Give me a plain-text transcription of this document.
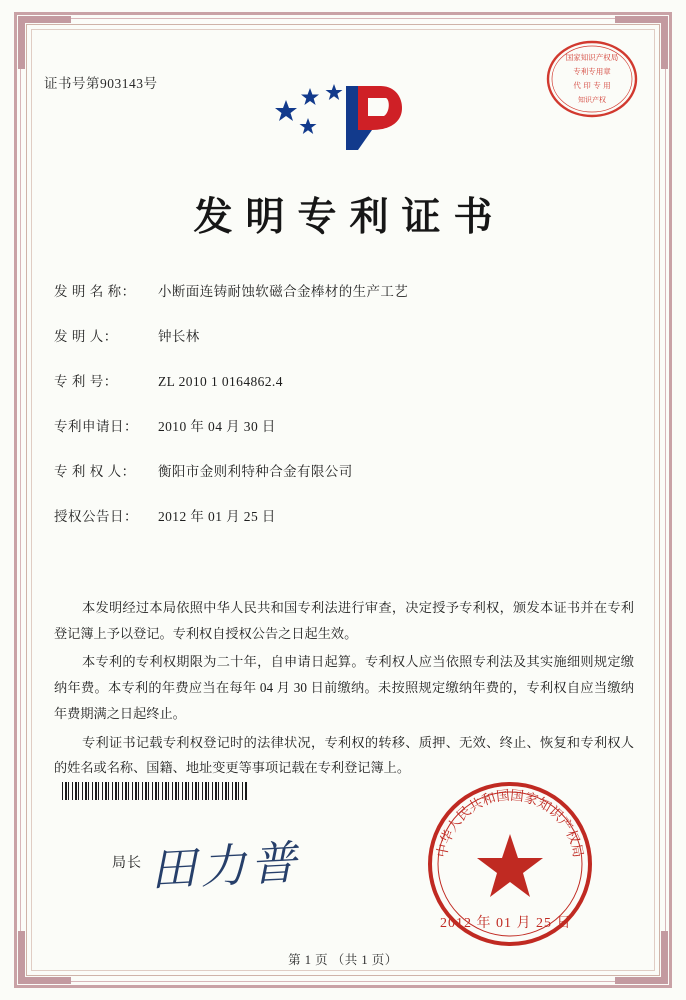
证书号第903143号
国家知识产权局
专利专用章
代 印 专 用
知识产权
发明专利证书
发 明 名 称：	小断面连铸耐蚀软磁合金棒材的生产工艺
发 明 人：	钟长林
专 利 号：	ZL 2010 1 0164862.4
专利申请日：	2010 年 04 月 30 日
专 利 权 人：	衡阳市金则利特种合金有限公司
授权公告日：	2012 年 01 月 25 日

本发明经过本局依照中华人民共和国专利法进行审查，决定授予专利权，颁发本证书并在专利登记簿上予以登记。专利权自授权公告之日起生效。

本专利的专利权期限为二十年，自申请日起算。专利权人应当依照专利法及其实施细则规定缴纳年费。本专利的年费应当在每年 04 月 30 日前缴纳。未按照规定缴纳年费的，专利权自应当缴纳年费期满之日起终止。

专利证书记载专利权登记时的法律状况，专利权的转移、质押、无效、终止、恢复和专利权人的姓名或名称、国籍、地址变更等事项记载在专利登记簿上。

局长 田力普	中华人民共和国国家知识产权局
2012 年 01 月 25 日
第 1 页 （共 1 页）
